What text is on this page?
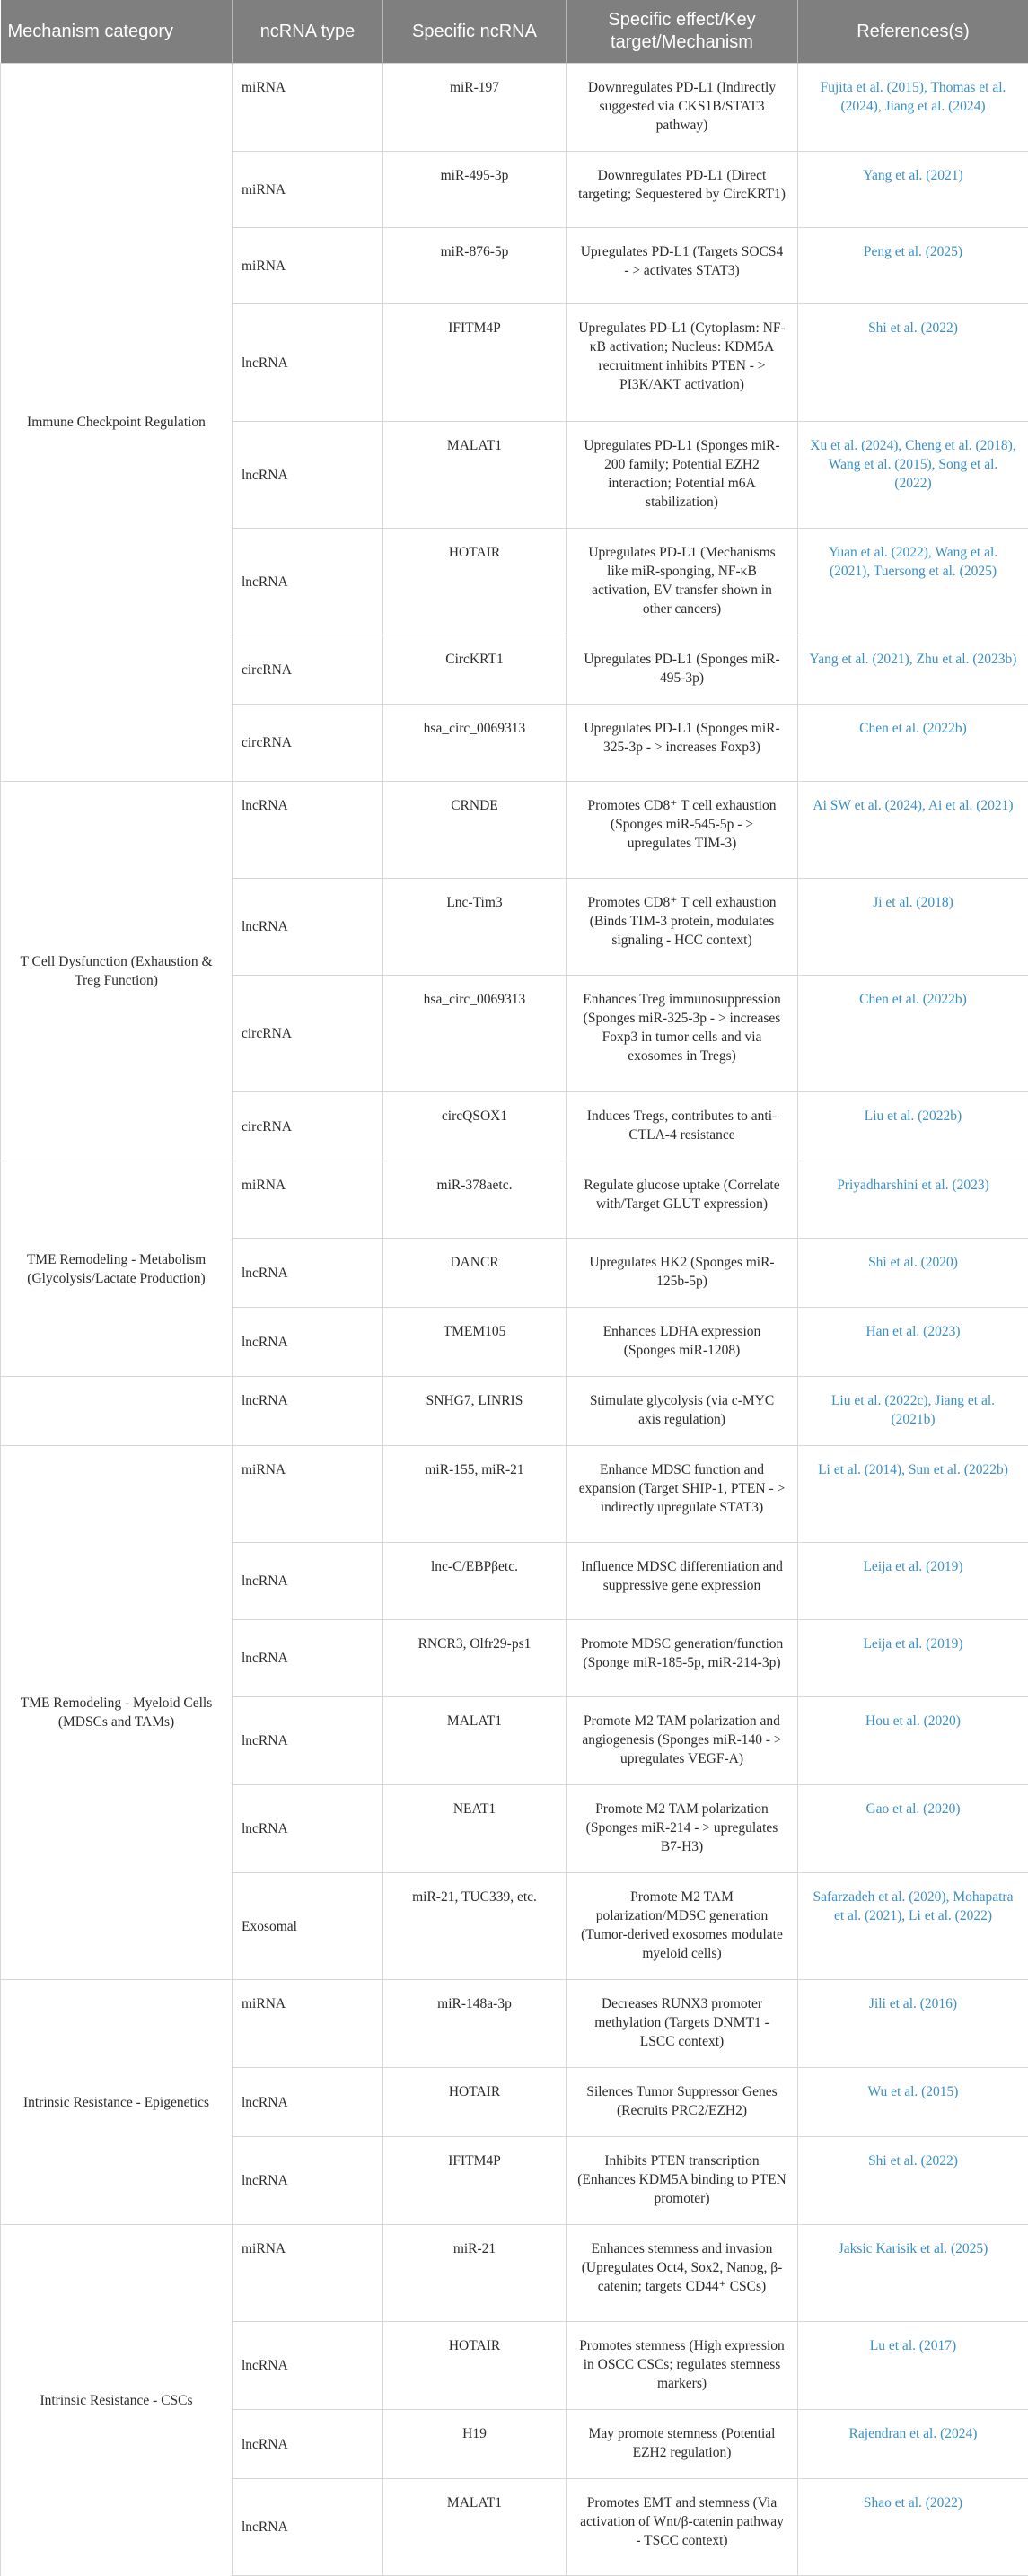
Mechanism category	ncRNA type	Specific ncRNA	Specific effect/Key target/Mechanism	References(s)
Immune Checkpoint Regulation	miRNA	miR-197	Downregulates PD-L1 (Indirectly suggested via CKS1B/STAT3 pathway)	Fujita et al. (2015), Thomas et al. (2024), Jiang et al. (2024)
	miRNA	miR-495-3p	Downregulates PD-L1 (Direct targeting; Sequestered by CircKRT1)	Yang et al. (2021)
	miRNA	miR-876-5p	Upregulates PD-L1 (Targets SOCS4 - > activates STAT3)	Peng et al. (2025)
	lncRNA	IFITM4P	Upregulates PD-L1 (Cytoplasm: NF-κB activation; Nucleus: KDM5A recruitment inhibits PTEN - > PI3K/AKT activation)	Shi et al. (2022)
	lncRNA	MALAT1	Upregulates PD-L1 (Sponges miR-200 family; Potential EZH2 interaction; Potential m6A stabilization)	Xu et al. (2024), Cheng et al. (2018), Wang et al. (2015), Song et al. (2022)
	lncRNA	HOTAIR	Upregulates PD-L1 (Mechanisms like miR-sponging, NF-κB activation, EV transfer shown in other cancers)	Yuan et al. (2022), Wang et al. (2021), Tuersong et al. (2025)
	circRNA	CircKRT1	Upregulates PD-L1 (Sponges miR-495-3p)	Yang et al. (2021), Zhu et al. (2023b)
	circRNA	hsa_circ_0069313	Upregulates PD-L1 (Sponges miR-325-3p - > increases Foxp3)	Chen et al. (2022b)
T Cell Dysfunction (Exhaustion & Treg Function)	lncRNA	CRNDE	Promotes CD8⁺ T cell exhaustion (Sponges miR-545-5p - > upregulates TIM-3)	Ai SW et al. (2024), Ai et al. (2021)
	lncRNA	Lnc-Tim3	Promotes CD8⁺ T cell exhaustion (Binds TIM-3 protein, modulates signaling - HCC context)	Ji et al. (2018)
	circRNA	hsa_circ_0069313	Enhances Treg immunosuppression (Sponges miR-325-3p - > increases Foxp3 in tumor cells and via exosomes in Tregs)	Chen et al. (2022b)
	circRNA	circQSOX1	Induces Tregs, contributes to anti-CTLA-4 resistance	Liu et al. (2022b)
TME Remodeling - Metabolism (Glycolysis/Lactate Production)	miRNA	miR-378aetc.	Regulate glucose uptake (Correlate with/Target GLUT expression)	Priyadharshini et al. (2023)
	lncRNA	DANCR	Upregulates HK2 (Sponges miR-125b-5p)	Shi et al. (2020)
	lncRNA	TMEM105	Enhances LDHA expression (Sponges miR-1208)	Han et al. (2023)
	lncRNA	SNHG7, LINRIS	Stimulate glycolysis (via c-MYC axis regulation)	Liu et al. (2022c), Jiang et al. (2021b)
TME Remodeling - Myeloid Cells (MDSCs and TAMs)	miRNA	miR-155, miR-21	Enhance MDSC function and expansion (Target SHIP-1, PTEN - > indirectly upregulate STAT3)	Li et al. (2014), Sun et al. (2022b)
	lncRNA	lnc-C/EBPβetc.	Influence MDSC differentiation and suppressive gene expression	Leija et al. (2019)
	lncRNA	RNCR3, Olfr29-ps1	Promote MDSC generation/function (Sponge miR-185-5p, miR-214-3p)	Leija et al. (2019)
	lncRNA	MALAT1	Promote M2 TAM polarization and angiogenesis (Sponges miR-140 - > upregulates VEGF-A)	Hou et al. (2020)
	lncRNA	NEAT1	Promote M2 TAM polarization (Sponges miR-214 - > upregulates B7-H3)	Gao et al. (2020)
	Exosomal	miR-21, TUC339, etc.	Promote M2 TAM polarization/MDSC generation (Tumor-derived exosomes modulate myeloid cells)	Safarzadeh et al. (2020), Mohapatra et al. (2021), Li et al. (2022)
Intrinsic Resistance - Epigenetics	miRNA	miR-148a-3p	Decreases RUNX3 promoter methylation (Targets DNMT1 - LSCC context)	Jili et al. (2016)
	lncRNA	HOTAIR	Silences Tumor Suppressor Genes (Recruits PRC2/EZH2)	Wu et al. (2015)
	lncRNA	IFITM4P	Inhibits PTEN transcription (Enhances KDM5A binding to PTEN promoter)	Shi et al. (2022)
Intrinsic Resistance - CSCs	miRNA	miR-21	Enhances stemness and invasion (Upregulates Oct4, Sox2, Nanog, β-catenin; targets CD44⁺ CSCs)	Jaksic Karisik et al. (2025)
	lncRNA	HOTAIR	Promotes stemness (High expression in OSCC CSCs; regulates stemness markers)	Lu et al. (2017)
	lncRNA	H19	May promote stemness (Potential EZH2 regulation)	Rajendran et al. (2024)
	lncRNA	MALAT1	Promotes EMT and stemness (Via activation of Wnt/β-catenin pathway - TSCC context)	Shao et al. (2022)
